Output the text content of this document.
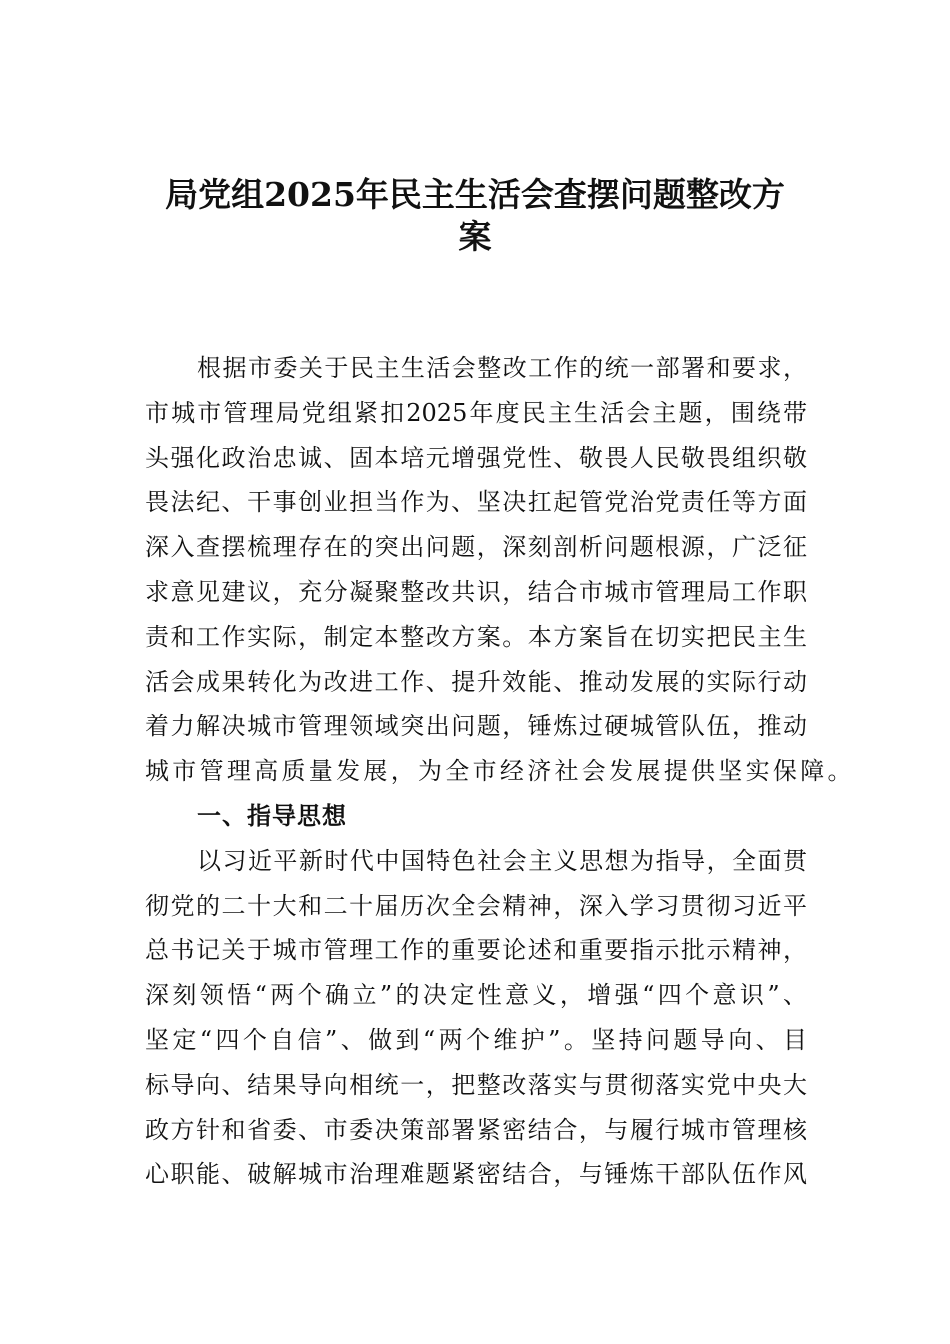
局党组2025年民主生活会查摆问题整改方
案
根据市委关于民主生活会整改工作的统一部署和要求，
市城市管理局党组紧扣2025年度民主生活会主题，围绕带
头强化政治忠诚、固本培元增强党性、敬畏人民敬畏组织敬
畏法纪、干事创业担当作为、坚决扛起管党治党责任等方面
深入查摆梳理存在的突出问题，深刻剖析问题根源，广泛征
求意见建议，充分凝聚整改共识，结合市城市管理局工作职
责和工作实际，制定本整改方案。本方案旨在切实把民主生
活会成果转化为改进工作、提升效能、推动发展的实际行动
着力解决城市管理领域突出问题，锤炼过硬城管队伍，推动
城市管理高质量发展，为全市经济社会发展提供坚实保障。
一、指导思想
以习近平新时代中国特色社会主义思想为指导，全面贯
彻党的二十大和二十届历次全会精神，深入学习贯彻习近平
总书记关于城市管理工作的重要论述和重要指示批示精神，
深刻领悟“两个确立”的决定性意义，增强“四个意识”、
坚定“四个自信”、做到“两个维护”。坚持问题导向、目
标导向、结果导向相统一，把整改落实与贯彻落实党中央大
政方针和省委、市委决策部署紧密结合，与履行城市管理核
心职能、破解城市治理难题紧密结合，与锤炼干部队伍作风
